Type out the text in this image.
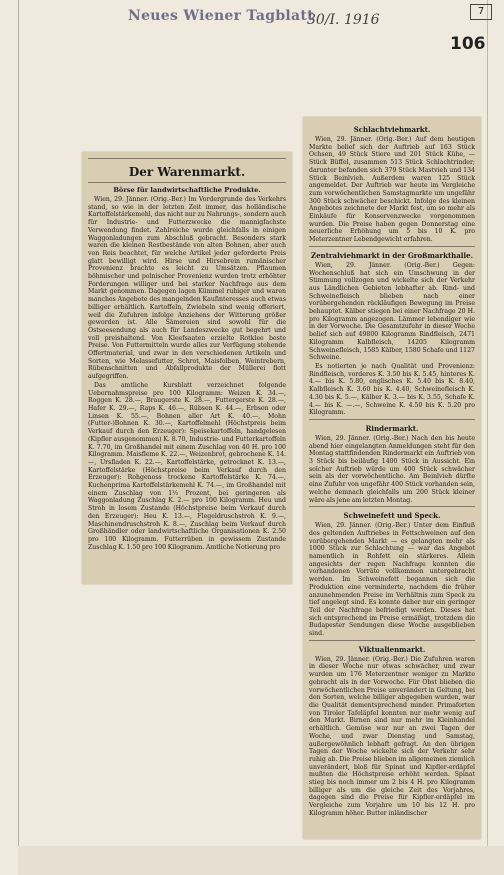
Neues Wiener Tagblatt
30/I. 1916
7
106
Der Warenmarkt.
Börse für landwirtschaftliche Produkte.

Wien, 29. Jänner. (Orig.-Ber.) Im Vordergrunde des Verkehrs stand, so wie in der letzten Zeit immer, das holländische Kartoffelstärkemehl, das nicht nur zu Nahrungs-, sondern auch für Industrie- und Futterzwecke die mannigfachste Verwendung findet. Zahlreiche wurde gleichfalls in einigen Waggonladungen zum Abschluß gebracht. Besonders stark waren die kleinen Restbestände von alten Bohnen, aber auch von Reis beachtet, für welche Artikel jeder geforderte Preis glatt bewilligt wird. Hirse und Hirsebrein rumänischer Provenienz brachte es leicht zu Umsätzen. Pflaumen böhmischer und polnischer Provenienz wurden trotz erhöhter Forderungen williger und bei starker Nachfrage aus dem Markt genommen. Dagegen lagen Kümmel ruhiger und waren manches Angebote des mangelnden Kaufinteresses auch etwas billiger erhältlich. Kartoffeln, Zwiebeln sind wenig offeriert, weil die Zufuhren infolge Anziehens der Witterung größer geworden ist. Alle Sämereien sind sowohl für die Ostseesendung als auch für Landeszwecke gut begehrt und voll preishaltend. Von Kleefsaaten erzielte Rotklee beste Preise. Von Futtermitteln wurde alles zur Verfügung stehende Offertmaterial, und zwar in den verschiedenen Artikeln und Sorten, wie Melassefutter, Schrot, Maisfolben, Weintrebern, Rübenschnitten und Abfallprodukte der Müllerei flott aufgegriffen.

Das amtliche Kursblatt verzeichnet folgende Uebernahmspreise pro 100 Kilogramm: Weizen K. 34.—, Roggen K. 28.—, Braugerste K. 28.—, Futtergerste K. 28.—, Hafer K. 29.—, Raps K. 46.—, Rübsen K. 44.—, Erbsen oder Linsen K. 55.—, Bohnen aller Art K. 40.—, Mohn (Futter-)Bohnen K. 30.—, Kartoffelmehl (Höchstpreis beim Verkauf durch den Erzeuger): Speisekartoffeln, handgelesen (Kipfler ausgenommen) K. 8.70, Industrie- und Futterkartoffeln K. 7.70, im Großhandel mit einem Zuschlag von 40 H. pro 100 Kilogramm. Maisfleme K. 22.—, Weizenbrot, gebrochene K. 14.—, Ursfladen K. 22.—, Kartoffelstärke, getrocknet K. 13.—, Kartoffelstärke (Höchstpreise beim Verkauf durch den Erzeuger): Rohgenoss trockene Kartoffelstärke K. 74.—, Kuchenprima Kartoffelstärkemehl K. 74.—, im Großhandel mit einem Zuschlag von 1½ Prozent, bei geringeren als Waggonladung Zuschlag K. 2.— pro 100 Kilogramm. Heu und Stroh in losem Zustande (Höchstpreise beim Verkauf durch den Erzeuger): Heu K. 13.—, Flegeldruschstroh K. 9.—, Maschinendruschstroh K. 8.—, Zuschlag beim Verkauf durch Großhändler oder landwirtschaftliche Organisationen K. 2.50 pro 100 Kilogramm. Futterrüben in gewissem Zustande Zuschlag K. 1.50 pro 100 Kilogramm. Amtliche Notierung pro

Schlachtviehmarkt.

Wien, 29. Jänner. (Orig.-Ber.) Auf dem heutigen Markte belief sich der Auftrieb auf 163 Stück Ochsen, 49 Stück Stiere und 201 Stück Kühe, — Stück Büffel, zusammen 513 Stück Schlachtrinder; darunter befanden sich 379 Stück Mastvieh und 134 Stück Beinlvieh. Außerdem waren 125 Stück angemeldet. Der Auftrieb war heute im Vergleiche zum vorwöchentlichen Samstagmarkte um ungefähr 300 Stück schwächer beschickt. Infolge des kleinen Angebotes zeichnete der Markt fest, um so mehr als Einkäufe für Konservenzwecke vorgenommen wurden. Die Preise haben gegen Donnerstag eine neuerliche Erhöhung um 5 bis 10 K. pro Meterzentner Lebendgewicht erfahren.

Zentralviehmarkt in der Großmarkthalle.

Wien, 29. Jänner. (Orig.-Ber.) Gegen: Wochenschluß hat sich ein Umschwung in der Stimmung vollzogen und wickelte sich der Verkehr aus Ländlichen Gebieten lebhafter ab. Rind- und Schweinefleisch blieben nach einer vorübergehenden rückläufigen Bewegung im Preise behauptet. Kälber stiegen bei einer Nachfrage 20 H. pro Kilogramm angezogen. Lämmer lebendiger wie in der Vorwoche. Die Gesamtzufuhr in dieser Woche belief sich auf 49800 Kilogramm Rindfleisch, 2471 Kilogramm Kalbfleisch, 14205 Kilogramm Schweinefleisch, 1585 Kälber, 1580 Schafe und 1127 Schweine.

Es notierten je nach Qualität und Provenienz: Rindfleisch, vorderes K. 3.50 bis K. 5.45, hinteres K. 4.— bis K. 5.80, englisches K. 5.40 bis K. 8.40, Kalbfleisch K. 3.60 bis K. 4.40, Schweinefleisch K. 4.30 bis K. 5.—, Kälber K. 3.— bis K. 3.55, Schafe K. 4.— bis K. —.—, Schweine K. 4.50 bis K. 5.20 pro Kilogramm.

Rindermarkt.

Wien, 29. Jänner. (Orig.-Ber.) Nach den bis heute abend hier eingelangten Anmeldungen steht für den Montag stattfindenden Rindermarkt ein Auftrieb von 3 Stück bis beiläufig 1400 Stück in Aussicht. Ein solcher Auftrieb würde um 400 Stück schwächer sein als der vorwöchentliche. Am Beinlvieh dürfte eine Zufuhr von ungefähr 400 Stück vorhanden sein, welche demnach gleichfalls um 200 Stück kleiner wäre als jene am letzten Montag.

Schweinefett und Speck.

Wien, 29. Jänner. (Orig.-Ber.) Unter dem Einfluß des geltenden Auftriebes in Fettschweinen auf den vorübergehenden Markt — es gelangten mehr als 1000 Stück zur Schlachtung — war das Angebot namentlich in Rohfett ein stärkeres. Allein angesichts der regen Nachfrage konnten die vorhandenen Vorräte vollkommen untergebracht werden. Im Schweinefett begannen sich die Produktion eine verminderte, nachdem die früher anzunehmenden Preise im Verhältnis zum Speck zu tief angelegt sind. Es konnte daher nur ein geringer Teil der Nachfrage befriedigt werden. Dieses hat sich entsprechend im Preise ermäßigt, trotzdem die Budapester Sendungen diese Woche ausgeblieben sind.

Viktualienmarkt.

Wien, 29. Jänner. (Orig.-Ber.) Die Zufuhren waren in dieser Woche nur etwas schwächer, und zwar wurden um 176 Meterzentner weniger zu Markte gebracht als in der Vorwoche. Für Obst blieben die vorwöchentlichen Preise unverändert in Geltung, bei den Sorten, welche billiger abgegeben wurden, war die Qualität dementsprechend minder. Primaforten von Tiroler Tafeläpfel konnten nur mehr wenig auf den Markt. Birnen sind nur mehr im Kleinhandel erhältlich. Gemüse war nur an zwei Tagen der Woche, und zwar Dienstag und Samstag, außergewöhnlich lebhaft gefragt. An den übrigen Tagen der Woche wickelte sich der Verkehr sehr ruhig ab. Die Preise blieben im allgemeinen ziemlich unverändert, bloß für Spinat und Kipfler-erdäpfel mußten die Höchstpreise erhöht werden. Spinat stieg bis noch immer um 2 bis 4 H. pro Kilogramm billiger als um die gleiche Zeit des Vorjahres, dagegen sind die Preise für Kipfler-erdäpfel im Vergleiche zum Vorjahre um 10 bis 12 H. pro Kilogramm höher. Butter inländischer
